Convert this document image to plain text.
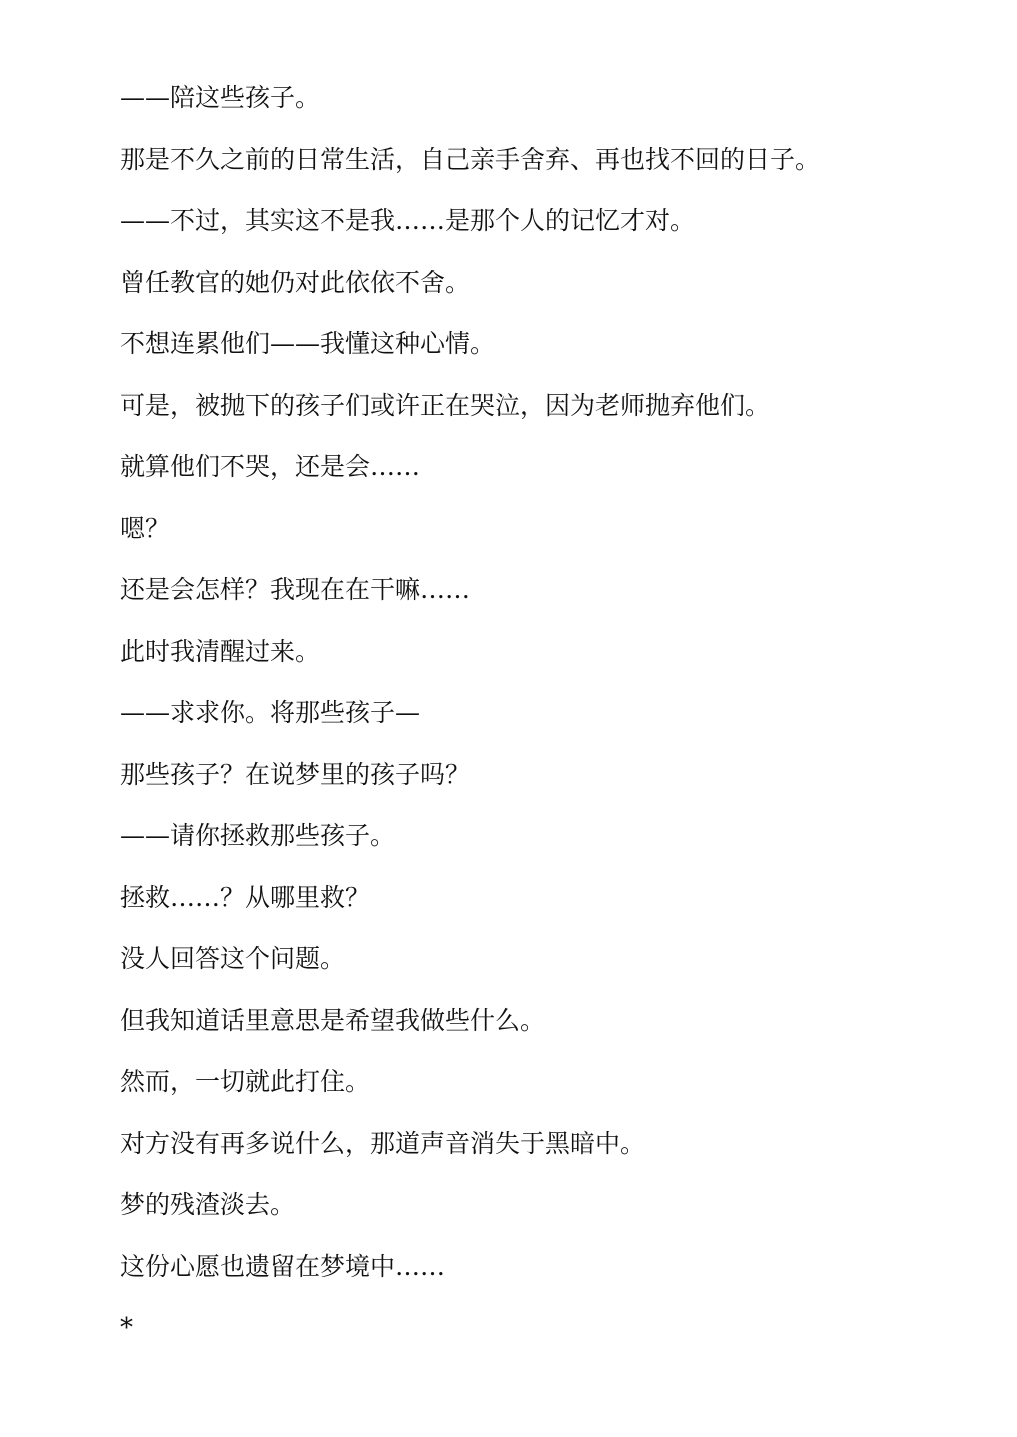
——陪这些孩子。

那是不久之前的日常生活，自己亲手舍弃、再也找不回的日子。

——不过，其实这不是我……是那个人的记忆才对。

曾任教官的她仍对此依依不舍。

不想连累他们——我懂这种心情。

可是，被抛下的孩子们或许正在哭泣，因为老师抛弃他们。

就算他们不哭，还是会……

嗯？

还是会怎样？我现在在干嘛……

此时我清醒过来。

——求求你。将那些孩子—

那些孩子？在说梦里的孩子吗？

——请你拯救那些孩子。

拯救……？从哪里救？

没人回答这个问题。

但我知道话里意思是希望我做些什么。

然而，一切就此打住。

对方没有再多说什么，那道声音消失于黑暗中。

梦的残渣淡去。

这份心愿也遗留在梦境中……

*
